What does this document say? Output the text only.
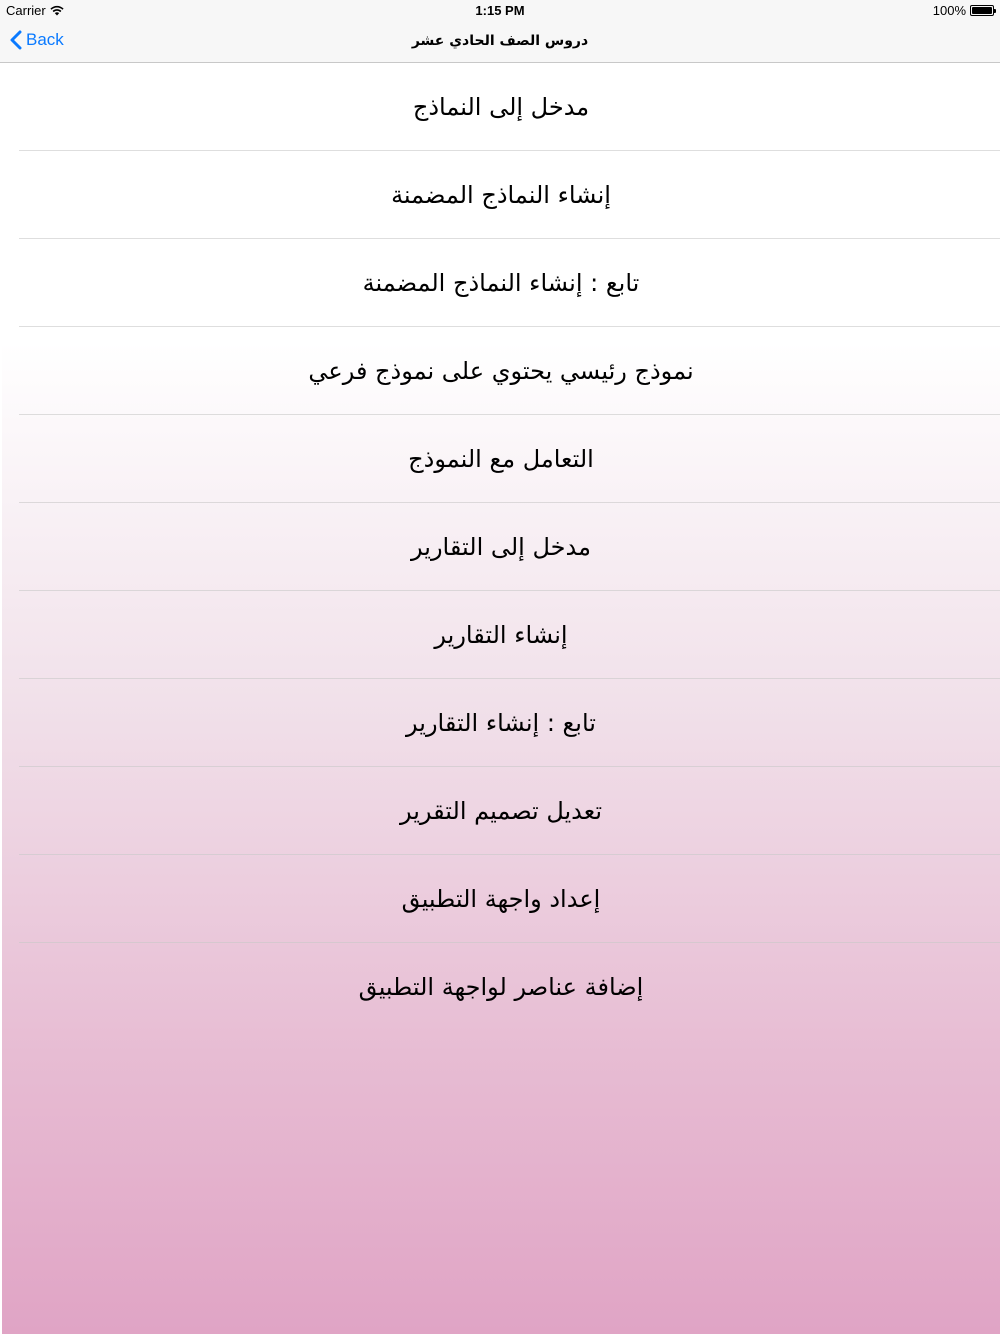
Carrier	1:15 PM	100%
Back	دروس الصف الحادي عشر
مدخل إلى النماذج
إنشاء النماذج المضمنة
تابع : إنشاء النماذج المضمنة
نموذج رئيسي يحتوي على نموذج فرعي
التعامل مع النموذج
مدخل إلى التقارير
إنشاء التقارير
تابع : إنشاء التقارير
تعديل تصميم التقرير
إعداد واجهة التطبيق
إضافة عناصر لواجهة التطبيق
